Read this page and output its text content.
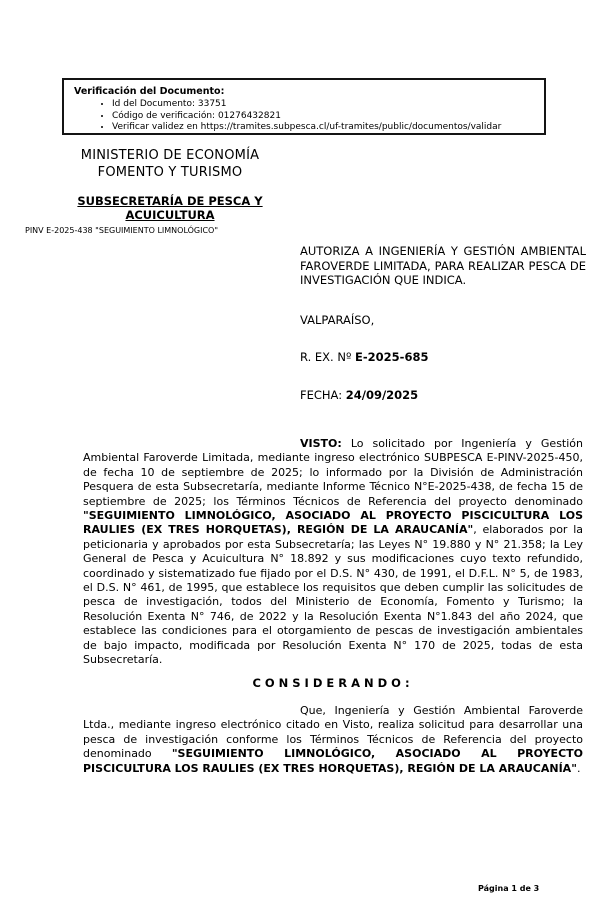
Verificación del Documento:
• Id del Documento: 33751
• Código de verificación: 01276432821
• Verificar validez en https://tramites.subpesca.cl/uf-tramites/public/documentos/validar
MINISTERIO DE ECONOMÍA
FOMENTO Y TURISMO
SUBSECRETARÍA DE PESCA Y ACUICULTURA
PINV E-2025-438 "SEGUIMIENTO LIMNOLÓGICO"

AUTORIZA A INGENIERÍA Y GESTIÓN AMBIENTAL FAROVERDE LIMITADA, PARA REALIZAR PESCA DE INVESTIGACIÓN QUE INDICA.

VALPARAÍSO,
R. EX. Nº E-2025-685
FECHA: 24/09/2025

VISTO: Lo solicitado por Ingeniería y Gestión Ambiental Faroverde Limitada, mediante ingreso electrónico SUBPESCA E-PINV-2025-450, de fecha 10 de septiembre de 2025; lo informado por la División de Administración Pesquera de esta Subsecretaría, mediante Informe Técnico N°E-2025-438, de fecha 15 de septiembre de 2025; los Términos Técnicos de Referencia del proyecto denominado "SEGUIMIENTO LIMNOLÓGICO, ASOCIADO AL PROYECTO PISCICULTURA LOS RAULIES (EX TRES HORQUETAS), REGIÓN DE LA ARAUCANÍA", elaborados por la peticionaria y aprobados por esta Subsecretaría; las Leyes N° 19.880 y N° 21.358; la Ley General de Pesca y Acuicultura N° 18.892 y sus modificaciones cuyo texto refundido, coordinado y sistematizado fue fijado por el D.S. N° 430, de 1991, el D.F.L. N° 5, de 1983, el D.S. N° 461, de 1995, que establece los requisitos que deben cumplir las solicitudes de pesca de investigación, todos del Ministerio de Economía, Fomento y Turismo; la Resolución Exenta N° 746, de 2022 y la Resolución Exenta N°1.843 del año 2024, que establece las condiciones para el otorgamiento de pescas de investigación ambientales de bajo impacto, modificada por Resolución Exenta N° 170 de 2025, todas de esta Subsecretaría.

CONSIDERANDO:

Que, Ingeniería y Gestión Ambiental Faroverde Ltda., mediante ingreso electrónico citado en Visto, realiza solicitud para desarrollar una pesca de investigación conforme los Términos Técnicos de Referencia del proyecto denominado "SEGUIMIENTO LIMNOLÓGICO, ASOCIADO AL PROYECTO PISCICULTURA LOS RAULIES (EX TRES HORQUETAS), REGIÓN DE LA ARAUCANÍA".

Página 1 de 3
